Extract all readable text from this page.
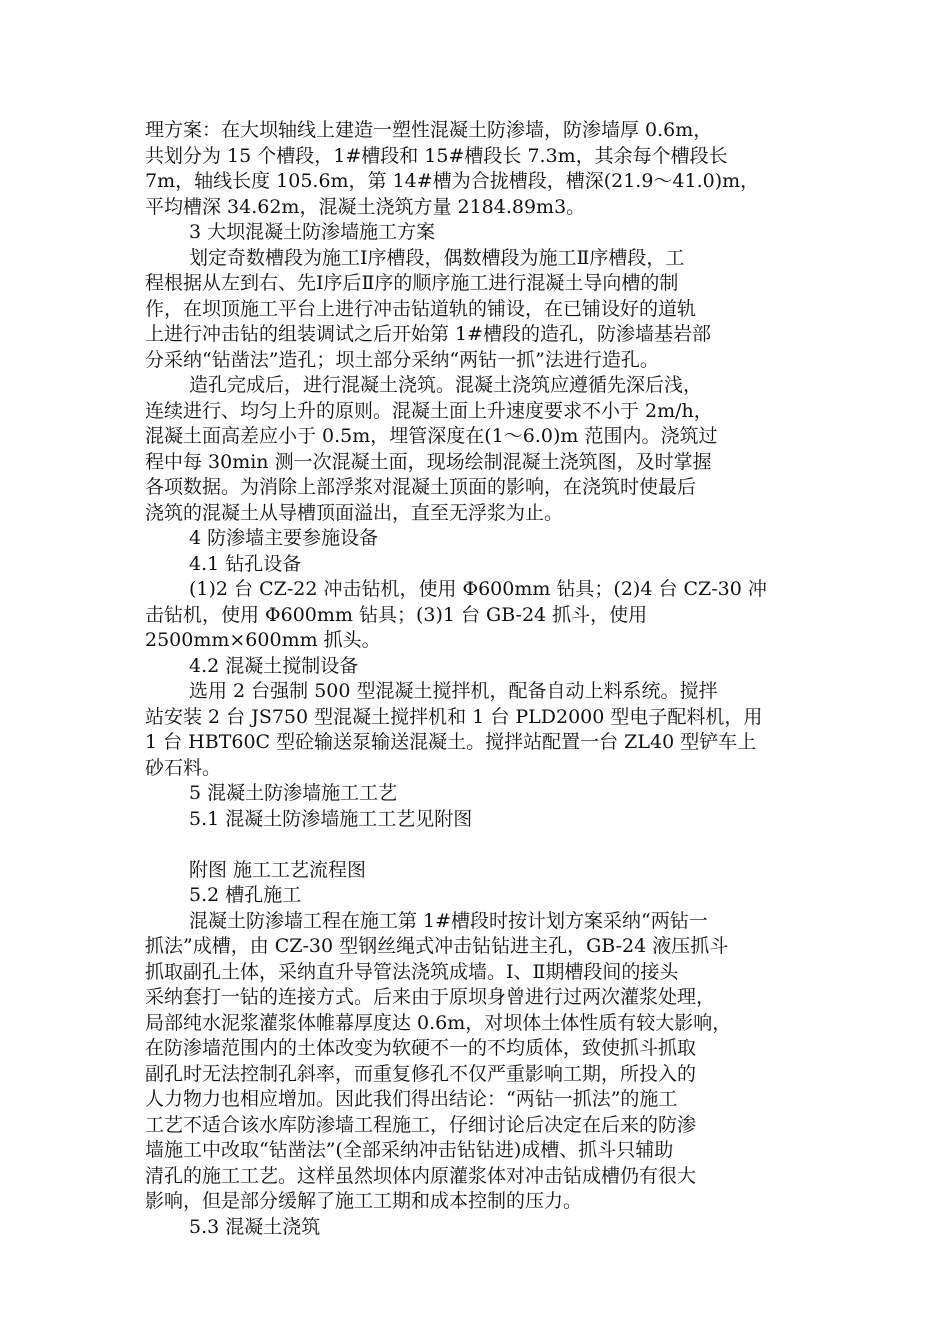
理方案：在大坝轴线上建造一塑性混凝土防渗墙，防渗墙厚 0.6m，
共划分为 15 个槽段，1#槽段和 15#槽段长 7.3m，其余每个槽段长
7m，轴线长度 105.6m，第 14#槽为合拢槽段，槽深(21.9～41.0)m，
平均槽深 34.62m，混凝土浇筑方量 2184.89m3。
3 大坝混凝土防渗墙施工方案
划定奇数槽段为施工Ⅰ序槽段，偶数槽段为施工Ⅱ序槽段，工
程根据从左到右、先Ⅰ序后Ⅱ序的顺序施工进行混凝土导向槽的制
作，在坝顶施工平台上进行冲击钻道轨的铺设，在已铺设好的道轨
上进行冲击钻的组装调试之后开始第 1#槽段的造孔，防渗墙基岩部
分采纳“钻凿法”造孔；坝土部分采纳“两钻一抓”法进行造孔。
造孔完成后，进行混凝土浇筑。混凝土浇筑应遵循先深后浅，
连续进行、均匀上升的原则。混凝土面上升速度要求不小于 2m/h，
混凝土面高差应小于 0.5m，埋管深度在(1～6.0)m 范围内。浇筑过
程中每 30min 测一次混凝土面，现场绘制混凝土浇筑图，及时掌握
各项数据。为消除上部浮浆对混凝土顶面的影响，在浇筑时使最后
浇筑的混凝土从导槽顶面溢出，直至无浮浆为止。
4 防渗墙主要参施设备
4.1 钻孔设备
(1)2 台 CZ-22 冲击钻机，使用 Φ600mm 钻具；(2)4 台 CZ-30 冲
击钻机，使用 Φ600mm 钻具；(3)1 台 GB-24 抓斗，使用
2500mm×600mm 抓头。
4.2 混凝土搅制设备
选用 2 台强制 500 型混凝土搅拌机，配备自动上料系统。搅拌
站安装 2 台 JS750 型混凝土搅拌机和 1 台 PLD2000 型电子配料机，用
1 台 HBT60C 型砼输送泵输送混凝土。搅拌站配置一台 ZL40 型铲车上
砂石料。
5 混凝土防渗墙施工工艺
5.1 混凝土防渗墙施工工艺见附图
附图 施工工艺流程图
5.2 槽孔施工
混凝土防渗墙工程在施工第 1#槽段时按计划方案采纳“两钻一
抓法”成槽，由 CZ-30 型钢丝绳式冲击钻钻进主孔，GB-24 液压抓斗
抓取副孔土体，采纳直升导管法浇筑成墙。Ⅰ、Ⅱ期槽段间的接头
采纳套打一钻的连接方式。后来由于原坝身曾进行过两次灌浆处理，
局部纯水泥浆灌浆体帷幕厚度达 0.6m，对坝体土体性质有较大影响，
在防渗墙范围内的土体改变为软硬不一的不均质体，致使抓斗抓取
副孔时无法控制孔斜率，而重复修孔不仅严重影响工期，所投入的
人力物力也相应增加。因此我们得出结论：“两钻一抓法”的施工
工艺不适合该水库防渗墙工程施工，仔细讨论后决定在后来的防渗
墙施工中改取“钻凿法”(全部采纳冲击钻钻进)成槽、抓斗只辅助
清孔的施工工艺。这样虽然坝体内原灌浆体对冲击钻成槽仍有很大
影响，但是部分缓解了施工工期和成本控制的压力。
5.3 混凝土浇筑
